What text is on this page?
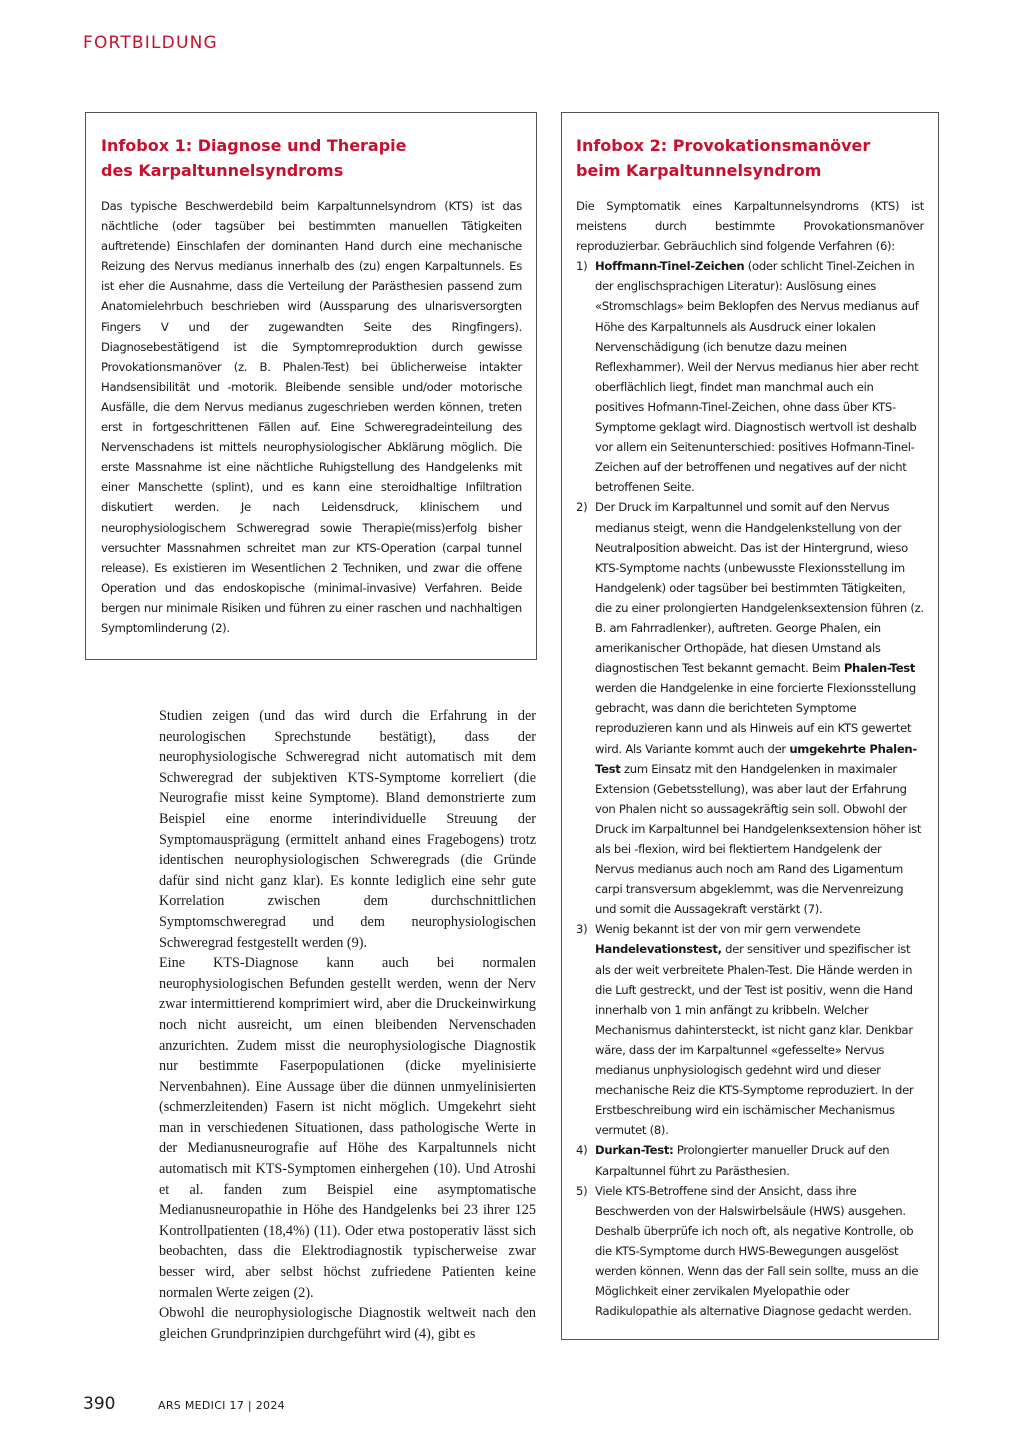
FORTBILDUNG
Infobox 1: Diagnose und Therapie
des Karpaltunnelsyndroms

Das typische Beschwerdebild beim Karpaltunnelsyndrom (KTS) ist das nächtliche (oder tagsüber bei bestimmten manuellen Tätigkeiten auftretende) Einschlafen der dominanten Hand durch eine mechanische Reizung des Nervus medianus innerhalb des (zu) engen Karpaltunnels. Es ist eher die Ausnahme, dass die Verteilung der Parästhesien passend zum Anatomielehrbuch beschrieben wird (Aussparung des ulnarisversorgten Fingers V und der zugewandten Seite des Ringfingers). Diagnosebestätigend ist die Symptomreproduktion durch gewisse Provokationsmanöver (z. B. Phalen-Test) bei üblicherweise intakter Handsensibilität und -motorik. Bleibende sensible und/oder motorische Ausfälle, die dem Nervus medianus zugeschrieben werden können, treten erst in fortgeschrittenen Fällen auf. Eine Schweregradeinteilung des Nervenschadens ist mittels neurophysiologischer Abklärung möglich. Die erste Massnahme ist eine nächtliche Ruhigstellung des Handgelenks mit einer Manschette (splint), und es kann eine steroidhaltige Infiltration diskutiert werden. Je nach Leidensdruck, klinischem und neurophysiologischem Schweregrad sowie Therapie(miss)erfolg bisher versuchter Massnahmen schreitet man zur KTS-Operation (carpal tunnel release). Es existieren im Wesentlichen 2 Techniken, und zwar die offene Operation und das endoskopische (minimal-invasive) Verfahren. Beide bergen nur minimale Risiken und führen zu einer raschen und nachhaltigen Symptomlinderung (2).

Infobox 2: Provokationsmanöver
beim Karpaltunnelsyndrom

Die Symptomatik eines Karpaltunnelsyndroms (KTS) ist meistens durch bestimmte Provokationsmanöver reproduzierbar. Gebräuchlich sind folgende Verfahren (6):

1) Hoffmann-Tinel-Zeichen (oder schlicht Tinel-Zeichen in der englischsprachigen Literatur): Auslösung eines «Stromschlags» beim Beklopfen des Nervus medianus auf Höhe des Karpaltunnels als Ausdruck einer lokalen Nervenschädigung (ich benutze dazu meinen Reflexhammer). Weil der Nervus medianus hier aber recht oberflächlich liegt, findet man manchmal auch ein positives Hofmann-Tinel-Zeichen, ohne dass über KTS-Symptome geklagt wird. Diagnostisch wertvoll ist deshalb vor allem ein Seitenunterschied: positives Hofmann-Tinel-Zeichen auf der betroffenen und negatives auf der nicht betroffenen Seite.
2) Der Druck im Karpaltunnel und somit auf den Nervus medianus steigt, wenn die Handgelenkstellung von der Neutralposition abweicht. Das ist der Hintergrund, wieso KTS-Symptome nachts (unbewusste Flexionsstellung im Handgelenk) oder tagsüber bei bestimmten Tätigkeiten, die zu einer prolongierten Handgelenksextension führen (z. B. am Fahrradlenker), auftreten. George Phalen, ein amerikanischer Orthopäde, hat diesen Umstand als diagnostischen Test bekannt gemacht. Beim Phalen-Test werden die Handgelenke in eine forcierte Flexionsstellung gebracht, was dann die berichteten Symptome reproduzieren kann und als Hinweis auf ein KTS gewertet wird. Als Variante kommt auch der umgekehrte Phalen-Test zum Einsatz mit den Handgelenken in maximaler Extension (Gebetsstellung), was aber laut der Erfahrung von Phalen nicht so aussagekräftig sein soll. Obwohl der Druck im Karpaltunnel bei Handgelenksextension höher ist als bei -flexion, wird bei flektiertem Handgelenk der Nervus medianus auch noch am Rand des Ligamentum carpi transversum abgeklemmt, was die Nervenreizung und somit die Aussagekraft verstärkt (7).
3) Wenig bekannt ist der von mir gern verwendete Handelevationstest, der sensitiver und spezifischer ist als der weit verbreitete Phalen-Test. Die Hände werden in die Luft gestreckt, und der Test ist positiv, wenn die Hand innerhalb von 1 min anfängt zu kribbeln. Welcher Mechanismus dahintersteckt, ist nicht ganz klar. Denkbar wäre, dass der im Karpaltunnel «gefesselte» Nervus medianus unphysiologisch gedehnt wird und dieser mechanische Reiz die KTS-Symptome reproduziert. In der Erstbeschreibung wird ein ischämischer Mechanismus vermutet (8).
4) Durkan-Test: Prolongierter manueller Druck auf den Karpaltunnel führt zu Parästhesien.
5) Viele KTS-Betroffene sind der Ansicht, dass ihre Beschwerden von der Halswirbelsäule (HWS) ausgehen. Deshalb überprüfe ich noch oft, als negative Kontrolle, ob die KTS-Symptome durch HWS-Bewegungen ausgelöst werden können. Wenn das der Fall sein sollte, muss an die Möglichkeit einer zervikalen Myelopathie oder Radikulopathie als alternative Diagnose gedacht werden.

Studien zeigen (und das wird durch die Erfahrung in der neurologischen Sprechstunde bestätigt), dass der neurophysiologische Schweregrad nicht automatisch mit dem Schweregrad der subjektiven KTS-Symptome korreliert (die Neurografie misst keine Symptome). Bland demonstrierte zum Beispiel eine enorme interindividuelle Streuung der Symptomausprägung (ermittelt anhand eines Fragebogens) trotz identischen neurophysiologischen Schweregrads (die Gründe dafür sind nicht ganz klar). Es konnte lediglich eine sehr gute Korrelation zwischen dem durchschnittlichen Symptomschweregrad und dem neurophysiologischen Schweregrad festgestellt werden (9).

Eine KTS-Diagnose kann auch bei normalen neurophysiologischen Befunden gestellt werden, wenn der Nerv zwar intermittierend komprimiert wird, aber die Druckeinwirkung noch nicht ausreicht, um einen bleibenden Nervenschaden anzurichten. Zudem misst die neurophysiologische Diagnostik nur bestimmte Faserpopulationen (dicke myelinisierte Nervenbahnen). Eine Aussage über die dünnen unmyelinisierten (schmerzleitenden) Fasern ist nicht möglich. Umgekehrt sieht man in verschiedenen Situationen, dass pathologische Werte in der Medianusneurografie auf Höhe des Karpaltunnels nicht automatisch mit KTS-Symptomen einhergehen (10). Und Atroshi et al. fanden zum Beispiel eine asymptomatische Medianusneuropathie in Höhe des Handgelenks bei 23 ihrer 125 Kontrollpatienten (18,4%) (11). Oder etwa postoperativ lässt sich beobachten, dass die Elektrodiagnostik typischerweise zwar besser wird, aber selbst höchst zufriedene Patienten keine normalen Werte zeigen (2).

Obwohl die neurophysiologische Diagnostik weltweit nach den gleichen Grundprinzipien durchgeführt wird (4), gibt es

390	ARS MEDICI 17 | 2024
